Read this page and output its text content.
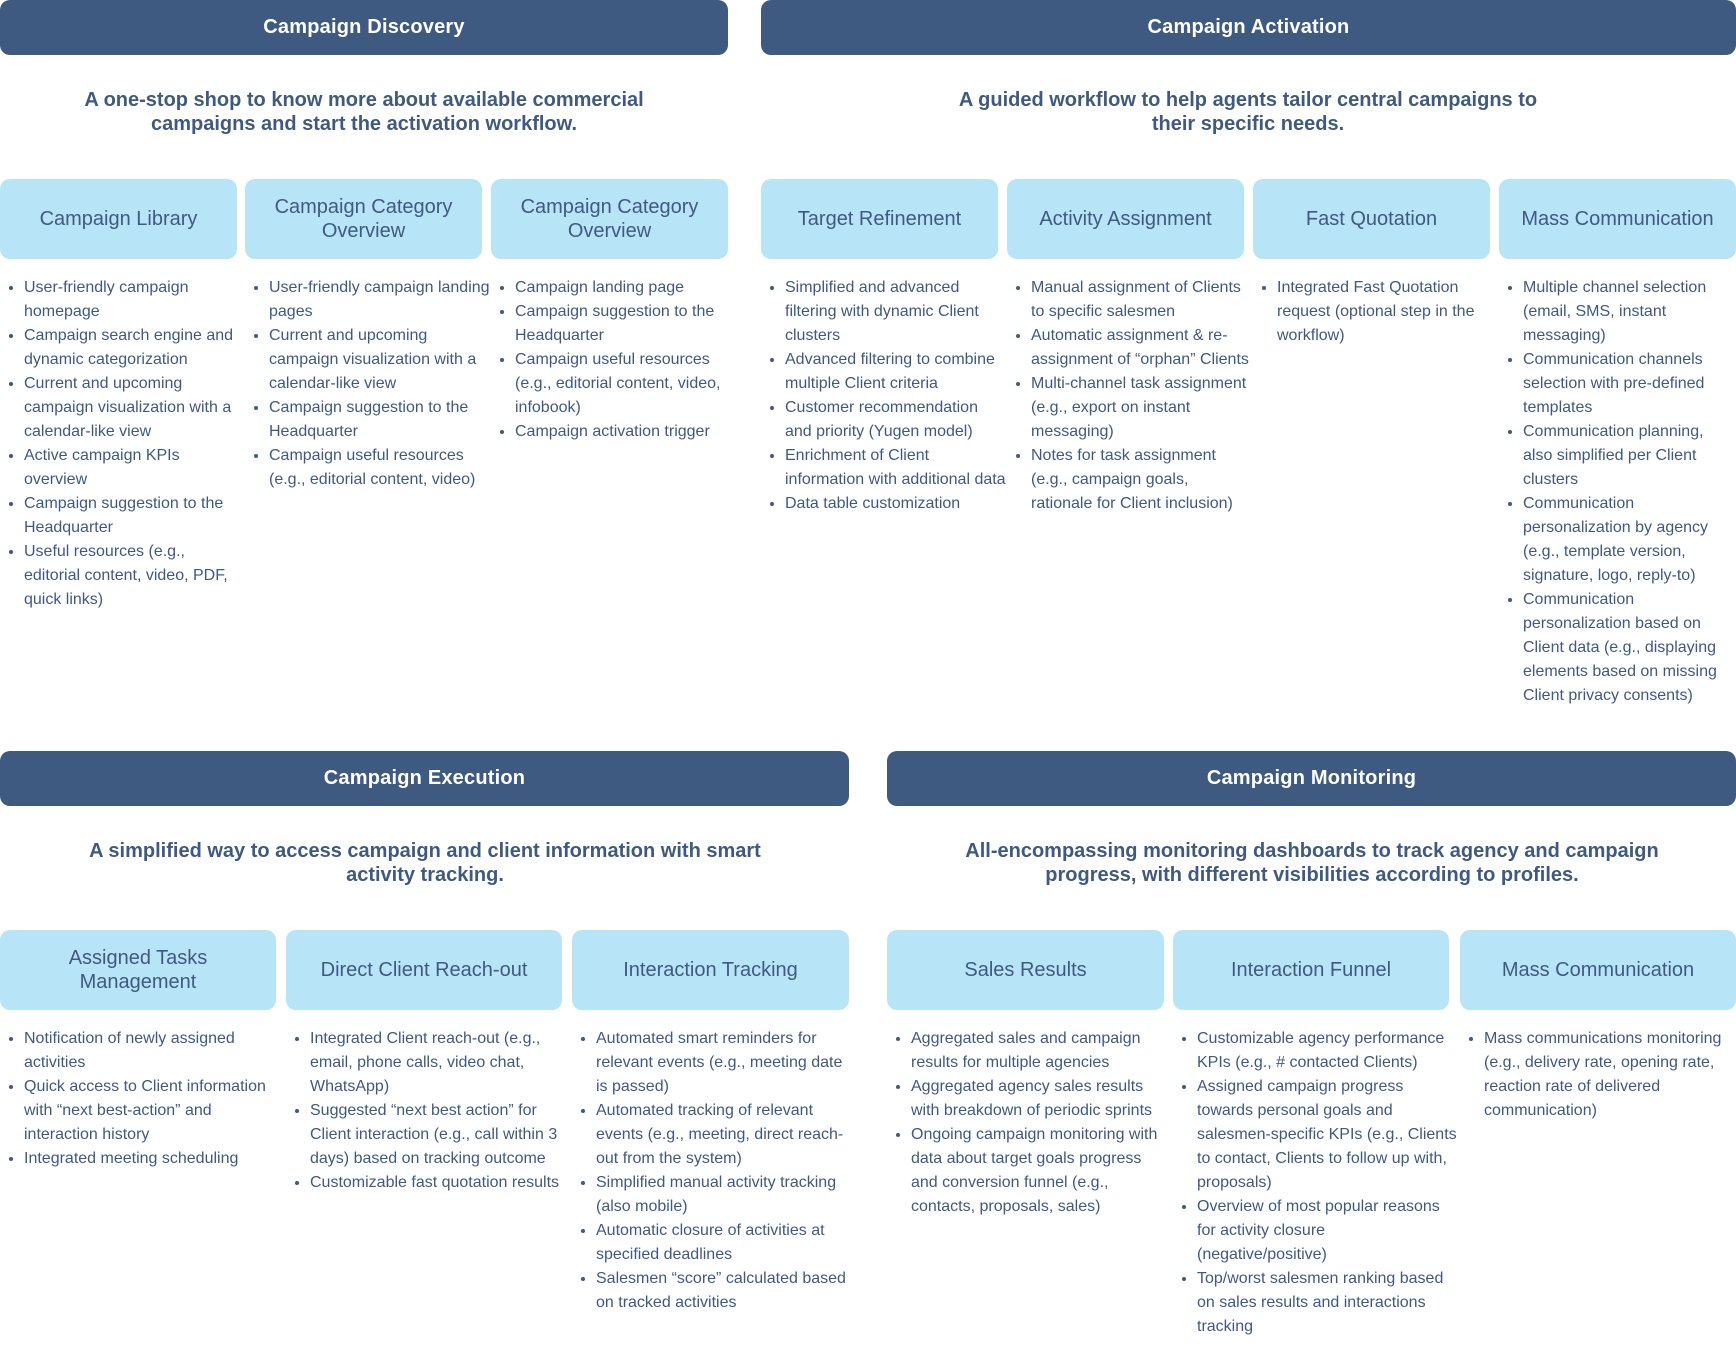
Campaign Discovery
A one-stop shop to know more about available commercial campaigns and start the activation workflow.
Campaign Library
• User-friendly campaign homepage
• Campaign search engine and dynamic categorization
• Current and upcoming campaign visualization with a calendar-like view
• Active campaign KPIs overview
• Campaign suggestion to the Headquarter
• Useful resources (e.g., editorial content, video, PDF, quick links)
Campaign Category Overview
• User-friendly campaign landing pages
• Current and upcoming campaign visualization with a calendar-like view
• Campaign suggestion to the Headquarter
• Campaign useful resources (e.g., editorial content, video)
Campaign Category Overview
• Campaign landing page
• Campaign suggestion to the Headquarter
• Campaign useful resources (e.g., editorial content, video, infobook)
• Campaign activation trigger
Campaign Activation
A guided workflow to help agents tailor central campaigns to their specific needs.
Target Refinement
• Simplified and advanced filtering with dynamic Client clusters
• Advanced filtering to combine multiple Client criteria
• Customer recommendation and priority (Yugen model)
• Enrichment of Client information with additional data
• Data table customization
Activity Assignment
• Manual assignment of Clients to specific salesmen
• Automatic assignment & re-assignment of “orphan” Clients
• Multi-channel task assignment (e.g., export on instant messaging)
• Notes for task assignment (e.g., campaign goals, rationale for Client inclusion)
Fast Quotation
• Integrated Fast Quotation request (optional step in the workflow)
Mass Communication
• Multiple channel selection (email, SMS, instant messaging)
• Communication channels selection with pre-defined templates
• Communication planning, also simplified per Client clusters
• Communication personalization by agency (e.g., template version, signature, logo, reply-to)
• Communication personalization based on Client data (e.g., displaying elements based on missing Client privacy consents)
Campaign Execution
A simplified way to access campaign and client information with smart activity tracking.
Assigned Tasks Management
• Notification of newly assigned activities
• Quick access to Client information with “next best-action” and interaction history
• Integrated meeting scheduling
Direct Client Reach-out
• Integrated Client reach-out (e.g., email, phone calls, video chat, WhatsApp)
• Suggested “next best action” for Client interaction (e.g., call within 3 days) based on tracking outcome
• Customizable fast quotation results
Interaction Tracking
• Automated smart reminders for relevant events (e.g., meeting date is passed)
• Automated tracking of relevant events (e.g., meeting, direct reach-out from the system)
• Simplified manual activity tracking (also mobile)
• Automatic closure of activities at specified deadlines
• Salesmen “score” calculated based on tracked activities
Campaign Monitoring
All-encompassing monitoring dashboards to track agency and campaign progress, with different visibilities according to profiles.
Sales Results
• Aggregated sales and campaign results for multiple agencies
• Aggregated agency sales results with breakdown of periodic sprints
• Ongoing campaign monitoring with data about target goals progress and conversion funnel (e.g., contacts, proposals, sales)
Interaction Funnel
• Customizable agency performance KPIs (e.g., # contacted Clients)
• Assigned campaign progress towards personal goals and salesmen-specific KPIs (e.g., Clients to contact, Clients to follow up with, proposals)
• Overview of most popular reasons for activity closure (negative/positive)
• Top/worst salesmen ranking based on sales results and interactions tracking
Mass Communication
• Mass communications monitoring (e.g., delivery rate, opening rate, reaction rate of delivered communication)
